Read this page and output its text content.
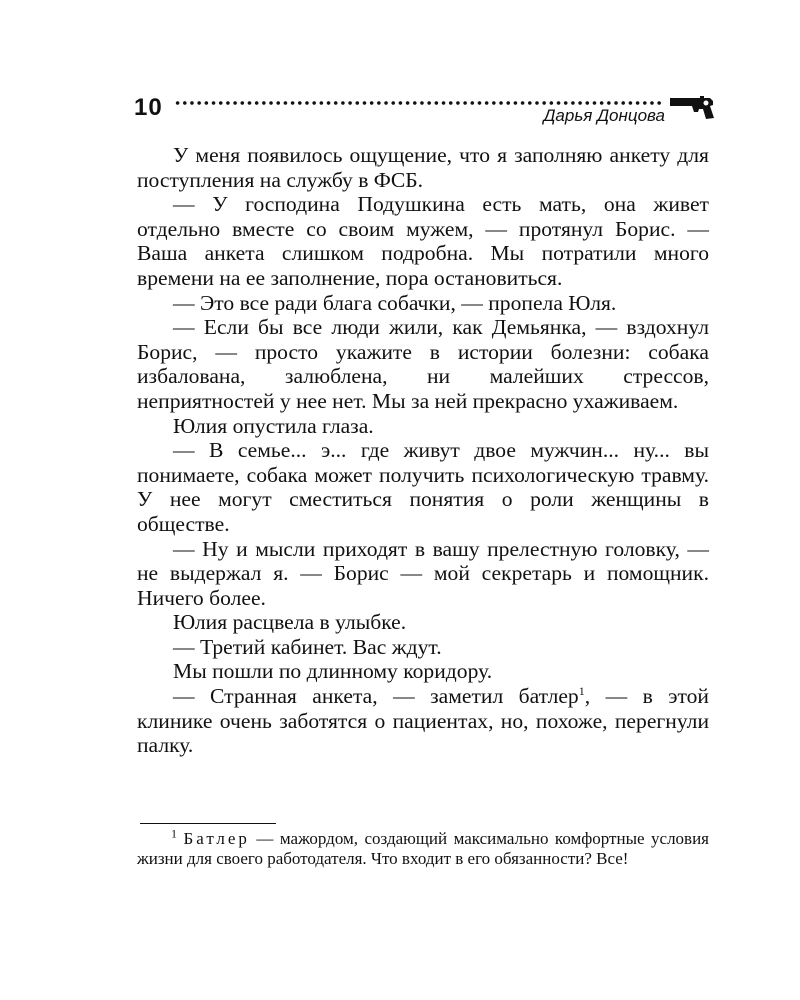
10	Дарья Донцова

У меня появилось ощущение, что я заполняю анкету для поступления на службу в ФСБ.

— У господина Подушкина есть мать, она живет отдельно вместе со своим мужем, — протянул Борис. — Ваша анкета слишком подробна. Мы потратили много времени на ее заполнение, пора остановиться.

— Это все ради блага собачки, — пропела Юля.

— Если бы все люди жили, как Демьянка, — вздохнул Борис, — просто укажите в истории болезни: собака избалована, залюблена, ни малейших стрессов, неприятностей у нее нет. Мы за ней прекрасно ухаживаем.

Юлия опустила глаза.

— В семье... э... где живут двое мужчин... ну... вы понимаете, собака может получить психологическую травму. У нее могут сместиться понятия о роли женщины в обществе.

— Ну и мысли приходят в вашу прелестную головку, — не выдержал я. — Борис — мой секретарь и помощник. Ничего более.

Юлия расцвела в улыбке.

— Третий кабинет. Вас ждут.

Мы пошли по длинному коридору.

— Странная анкета, — заметил батлер$^1$, — в этой клинике очень заботятся о пациентах, но, похоже, перегнули палку.

$^1$ Батлер — мажордом, создающий максимально комфортные условия жизни для своего работодателя. Что входит в его обязанности? Все!
